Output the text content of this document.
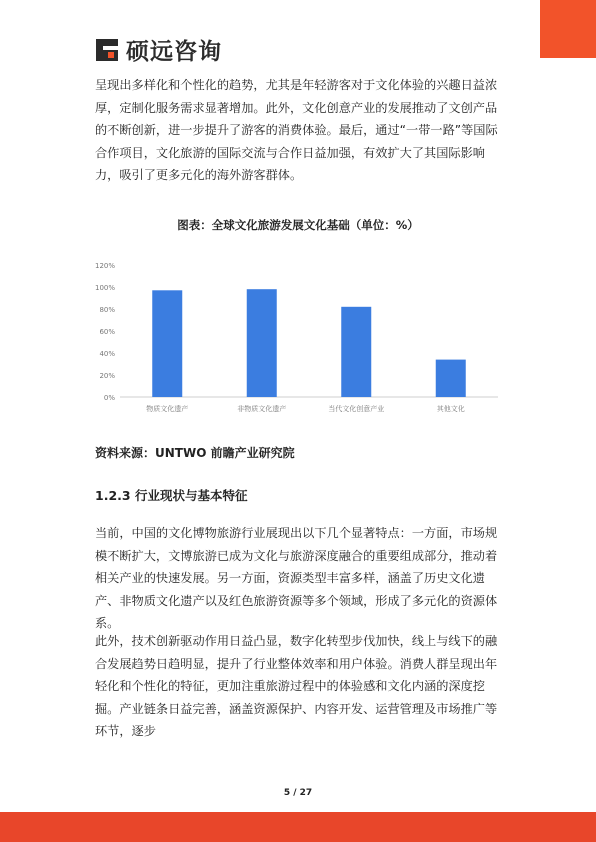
硕远咨询

呈现出多样化和个性化的趋势，尤其是年轻游客对于文化体验的兴趣日益浓厚，定制化服务需求显著增加。此外，文化创意产业的发展推动了文创产品的不断创新，进一步提升了游客的消费体验。最后，通过“一带一路”等国际合作项目，文化旅游的国际交流与合作日益加强，有效扩大了其国际影响力，吸引了更多元化的海外游客群体。

图表：全球文化旅游发展文化基础（单位：%）
0%
20%
40%
60%
80%
100%
120%
物质文化遗产	非物质文化遗产	当代文化创意产业	其他文化
资料来源：UNTWO 前瞻产业研究院
1.2.3 行业现状与基本特征

当前，中国的文化博物旅游行业展现出以下几个显著特点：一方面，市场规模不断扩大，文博旅游已成为文化与旅游深度融合的重要组成部分，推动着相关产业的快速发展。另一方面，资源类型丰富多样，涵盖了历史文化遗产、非物质文化遗产以及红色旅游资源等多个领域，形成了多元化的资源体系。

此外，技术创新驱动作用日益凸显，数字化转型步伐加快，线上与线下的融合发展趋势日趋明显，提升了行业整体效率和用户体验。消费人群呈现出年轻化和个性化的特征，更加注重旅游过程中的体验感和文化内涵的深度挖掘。产业链条日益完善，涵盖资源保护、内容开发、运营管理及市场推广等环节，逐步

5 / 27
